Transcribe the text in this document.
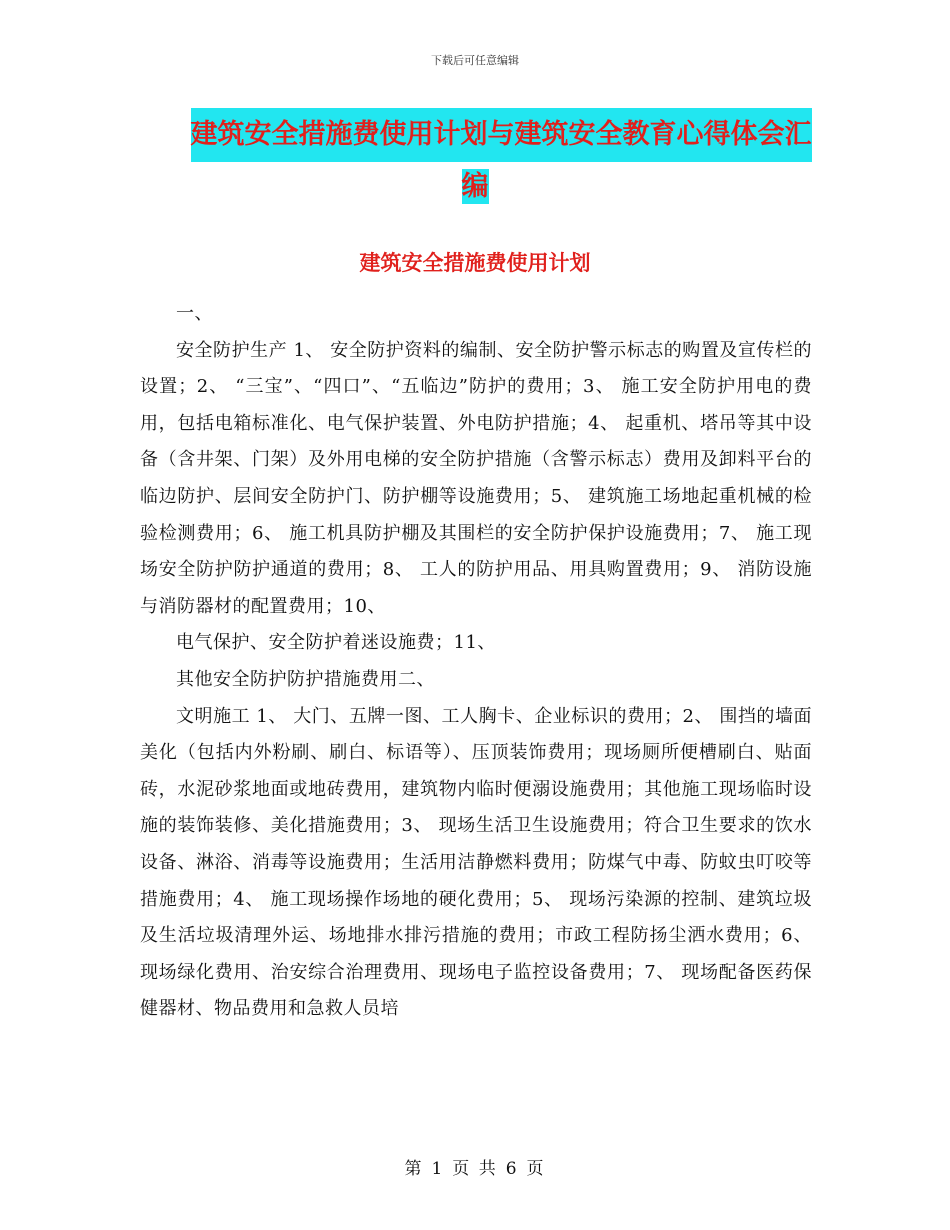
下载后可任意编辑
建筑安全措施费使用计划与建筑安全教育心得体会汇
编
建筑安全措施费使用计划

一、

安全防护生产 1、 安全防护资料的编制、安全防护警示标志的购置及宣传栏的设置；2、 “三宝”、“四口”、“五临边”防护的费用；3、 施工安全防护用电的费用，包括电箱标准化、电气保护装置、外电防护措施；4、 起重机、塔吊等其中设备（含井架、门架）及外用电梯的安全防护措施（含警示标志）费用及卸料平台的临边防护、层间安全防护门、防护棚等设施费用；5、 建筑施工场地起重机械的检验检测费用；6、 施工机具防护棚及其围栏的安全防护保护设施费用；7、 施工现场安全防护防护通道的费用；8、 工人的防护用品、用具购置费用；9、 消防设施与消防器材的配置费用；10、

电气保护、安全防护着迷设施费；11、

其他安全防护防护措施费用二、

文明施工 1、 大门、五牌一图、工人胸卡、企业标识的费用；2、 围挡的墙面美化（包括内外粉刷、刷白、标语等）、压顶装饰费用；现场厕所便槽刷白、贴面砖，水泥砂浆地面或地砖费用，建筑物内临时便溺设施费用；其他施工现场临时设施的装饰装修、美化措施费用；3、 现场生活卫生设施费用；符合卫生要求的饮水设备、淋浴、消毒等设施费用；生活用洁静燃料费用；防煤气中毒、防蚊虫叮咬等措施费用；4、 施工现场操作场地的硬化费用；5、 现场污染源的控制、建筑垃圾及生活垃圾清理外运、场地排水排污措施的费用；市政工程防扬尘洒水费用；6、 现场绿化费用、治安综合治理费用、现场电子监控设备费用；7、 现场配备医药保健器材、物品费用和急救人员培

第 1 页 共 6 页
